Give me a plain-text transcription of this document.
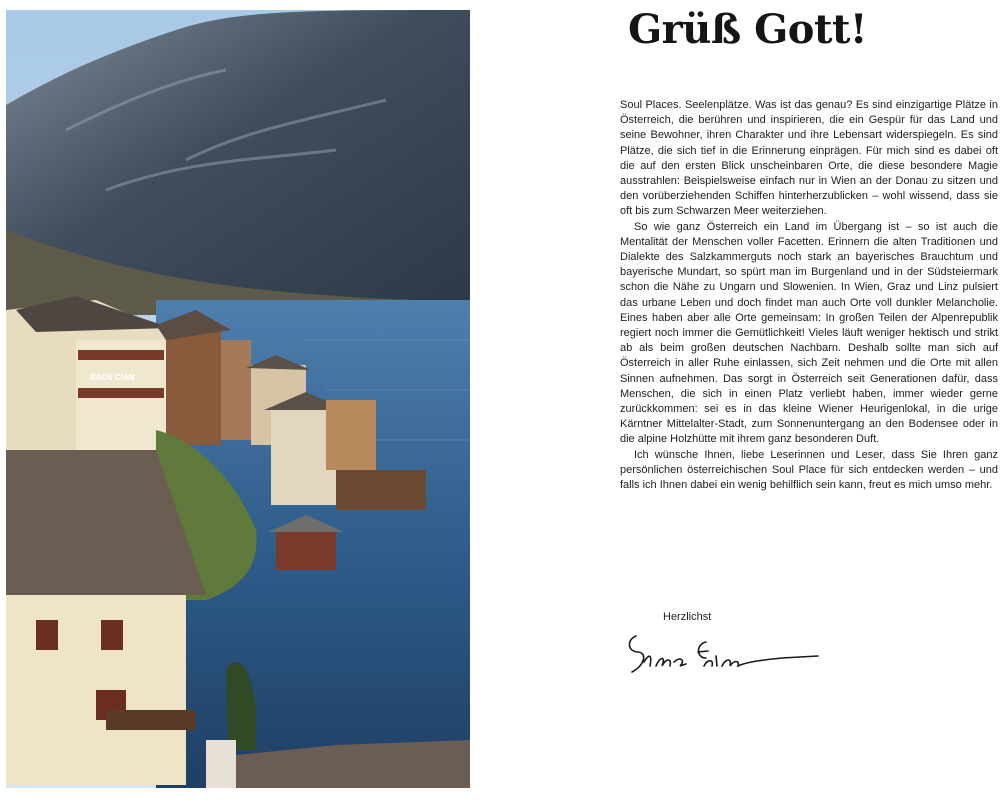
RAUS CIAN
Grüß Gott!

Soul Places. Seelenplätze. Was ist das genau? Es sind einzigartige Plätze in Österreich, die berühren und inspirieren, die ein Gespür für das Land und seine Bewohner, ihren Charakter und ihre Lebensart widerspiegeln. Es sind Plätze, die sich tief in die Erinnerung einprägen. Für mich sind es dabei oft die auf den ersten Blick unscheinbaren Orte, die diese besondere Magie ausstrahlen: Beispielsweise einfach nur in Wien an der Donau zu sitzen und den vorüberziehenden Schiffen hinterherzublicken – wohl wissend, dass sie oft bis zum Schwarzen Meer weiterziehen.

So wie ganz Österreich ein Land im Übergang ist – so ist auch die Mentalität der Menschen voller Facetten. Erinnern die alten Traditionen und Dialekte des Salzkammerguts noch stark an bayerisches Brauchtum und bayerische Mundart, so spürt man im Burgenland und in der Südsteiermark schon die Nähe zu Ungarn und Slowenien. In Wien, Graz und Linz pulsiert das urbane Leben und doch findet man auch Orte voll dunkler Melancholie. Eines haben aber alle Orte gemeinsam: In großen Teilen der Alpenrepublik regiert noch immer die Gemütlichkeit! Vieles läuft weniger hektisch und strikt ab als beim großen deutschen Nachbarn. Deshalb sollte man sich auf Österreich in aller Ruhe einlassen, sich Zeit nehmen und die Orte mit allen Sinnen aufnehmen. Das sorgt in Österreich seit Generationen dafür, dass Menschen, die sich in einen Platz verliebt haben, immer wieder gerne zurückkommen: sei es in das kleine Wiener Heurigenlokal, in die urige Kärntner Mittelalter-Stadt, zum Sonnenuntergang an den Bodensee oder in die alpine Holzhütte mit ihrem ganz besonderen Duft.

Ich wünsche Ihnen, liebe Leserinnen und Leser, dass Sie Ihren ganz persönlichen österreichischen Soul Place für sich entdecken werden – und falls ich Ihnen dabei ein wenig behilflich sein kann, freut es mich umso mehr.

Herzlichst
